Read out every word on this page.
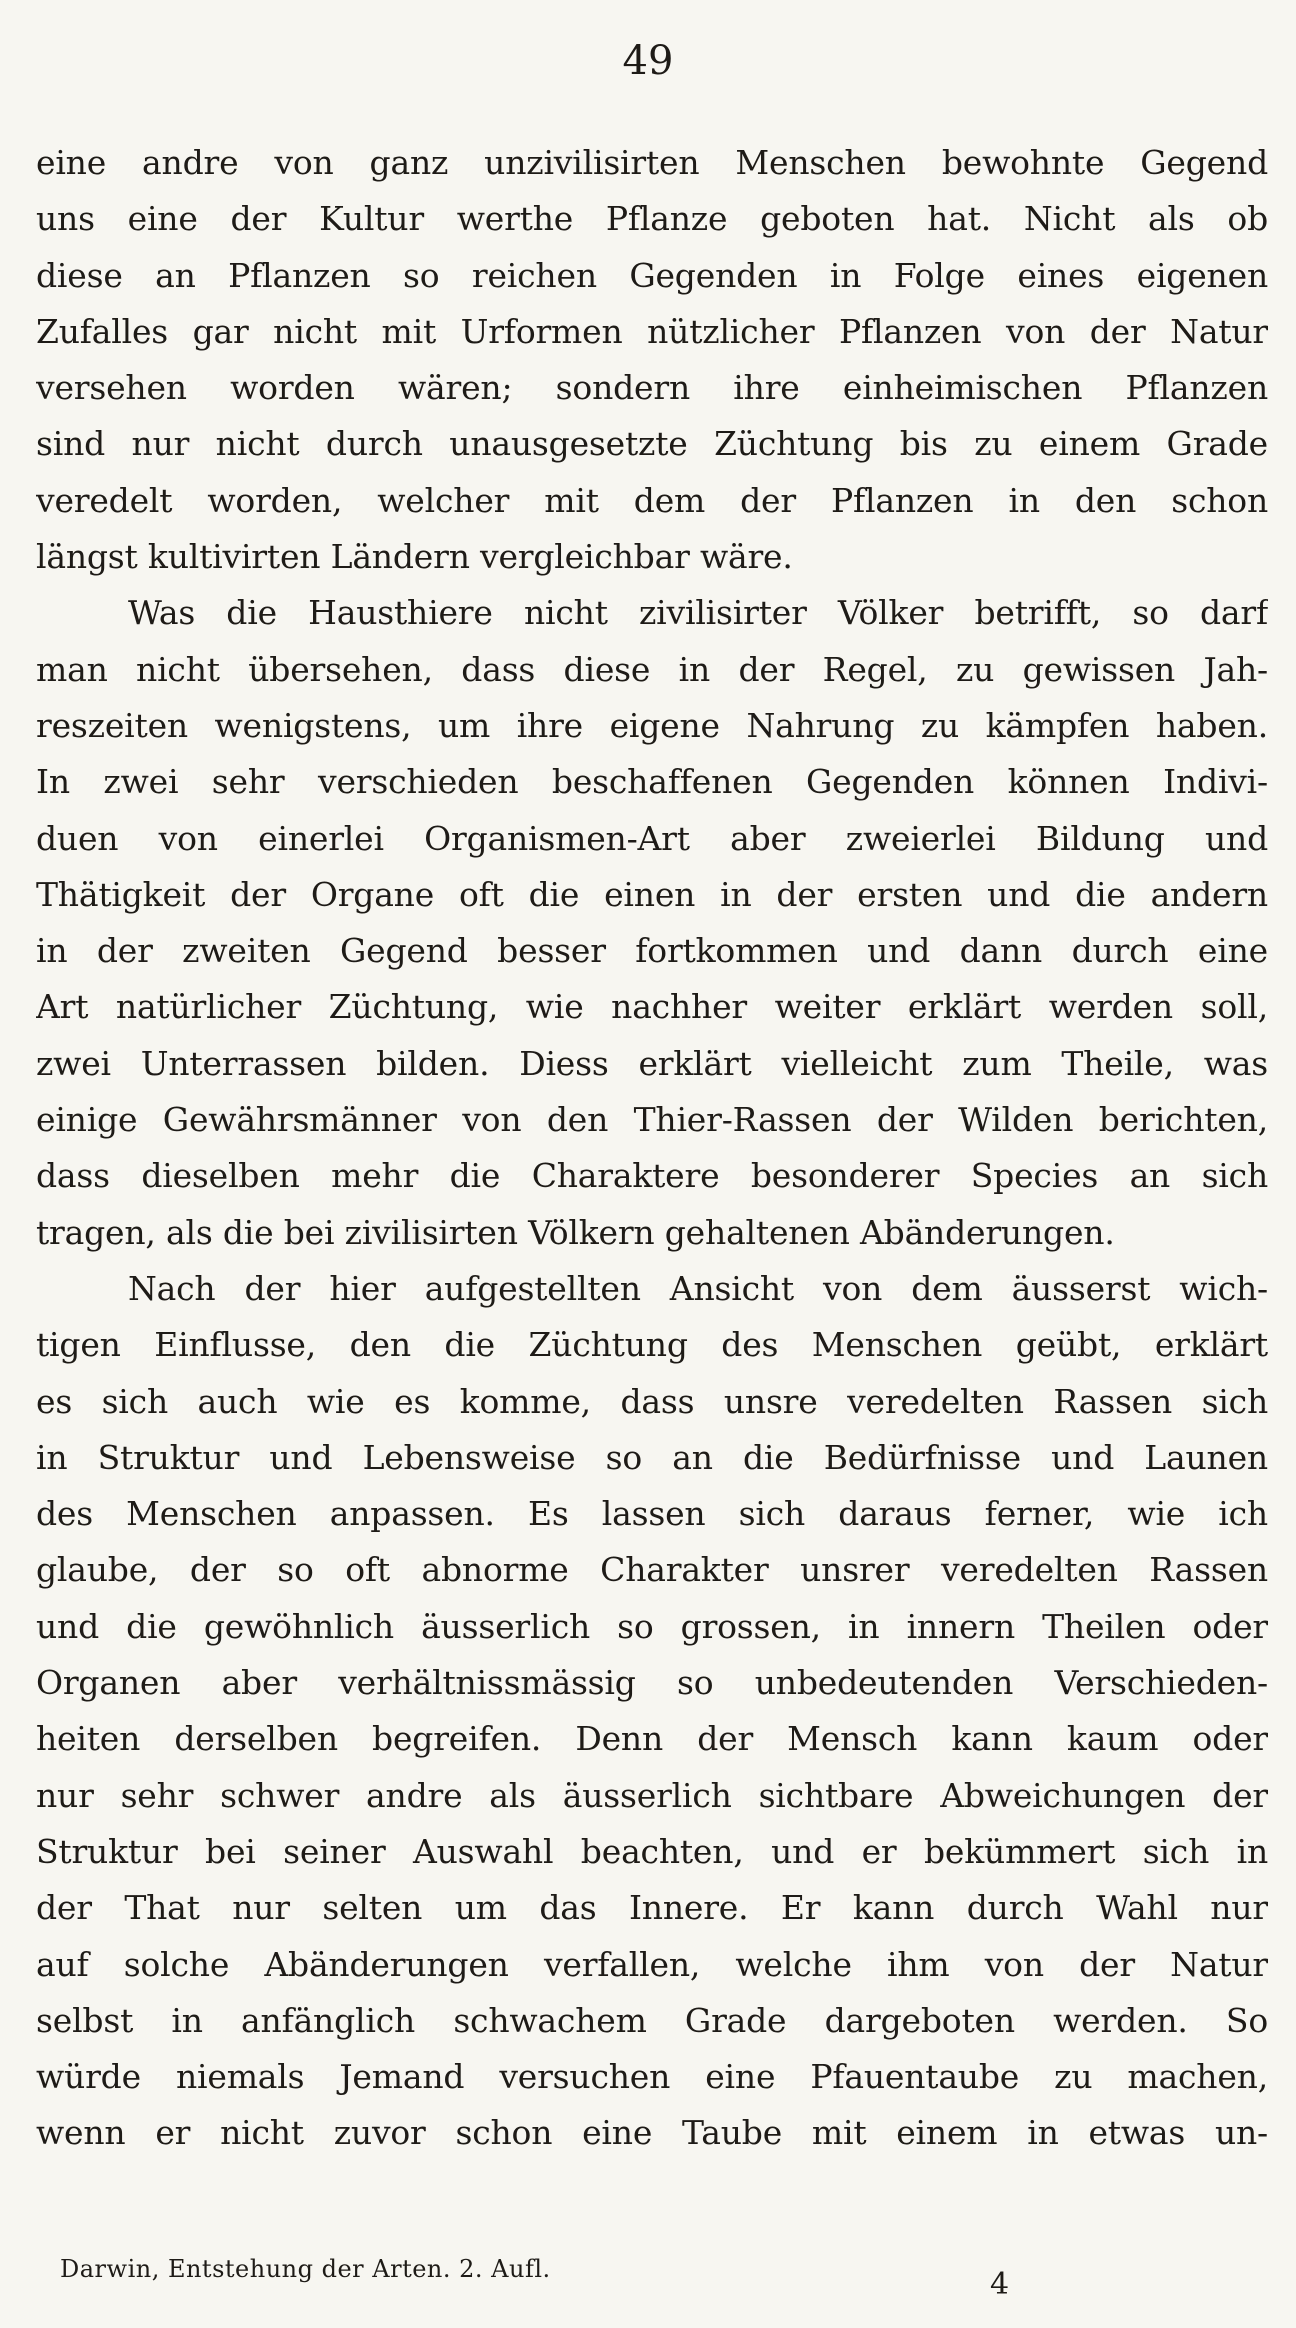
49
eine andre von ganz unzivilisirten Menschen bewohnte Gegend
uns eine der Kultur werthe Pflanze geboten hat. Nicht als ob
diese an Pflanzen so reichen Gegenden in Folge eines eigenen
Zufalles gar nicht mit Urformen nützlicher Pflanzen von der Natur
versehen worden wären; sondern ihre einheimischen Pflanzen
sind nur nicht durch unausgesetzte Züchtung bis zu einem Grade
veredelt worden, welcher mit dem der Pflanzen in den schon
längst kultivirten Ländern vergleichbar wäre.
Was die Hausthiere nicht zivilisirter Völker betrifft, so darf
man nicht übersehen, dass diese in der Regel, zu gewissen Jah-
reszeiten wenigstens, um ihre eigene Nahrung zu kämpfen haben.
In zwei sehr verschieden beschaffenen Gegenden können Indivi-
duen von einerlei Organismen-Art aber zweierlei Bildung und
Thätigkeit der Organe oft die einen in der ersten und die andern
in der zweiten Gegend besser fortkommen und dann durch eine
Art natürlicher Züchtung, wie nachher weiter erklärt werden soll,
zwei Unterrassen bilden. Diess erklärt vielleicht zum Theile, was
einige Gewährsmänner von den Thier-Rassen der Wilden berichten,
dass dieselben mehr die Charaktere besonderer Species an sich
tragen, als die bei zivilisirten Völkern gehaltenen Abänderungen.
Nach der hier aufgestellten Ansicht von dem äusserst wich-
tigen Einflusse, den die Züchtung des Menschen geübt, erklärt
es sich auch wie es komme, dass unsre veredelten Rassen sich
in Struktur und Lebensweise so an die Bedürfnisse und Launen
des Menschen anpassen. Es lassen sich daraus ferner, wie ich
glaube, der so oft abnorme Charakter unsrer veredelten Rassen
und die gewöhnlich äusserlich so grossen, in innern Theilen oder
Organen aber verhältnissmässig so unbedeutenden Verschieden-
heiten derselben begreifen. Denn der Mensch kann kaum oder
nur sehr schwer andre als äusserlich sichtbare Abweichungen der
Struktur bei seiner Auswahl beachten, und er bekümmert sich in
der That nur selten um das Innere. Er kann durch Wahl nur
auf solche Abänderungen verfallen, welche ihm von der Natur
selbst in anfänglich schwachem Grade dargeboten werden. So
würde niemals Jemand versuchen eine Pfauentaube zu machen,
wenn er nicht zuvor schon eine Taube mit einem in etwas un-
Darwin, Entstehung der Arten. 2. Aufl.	4
